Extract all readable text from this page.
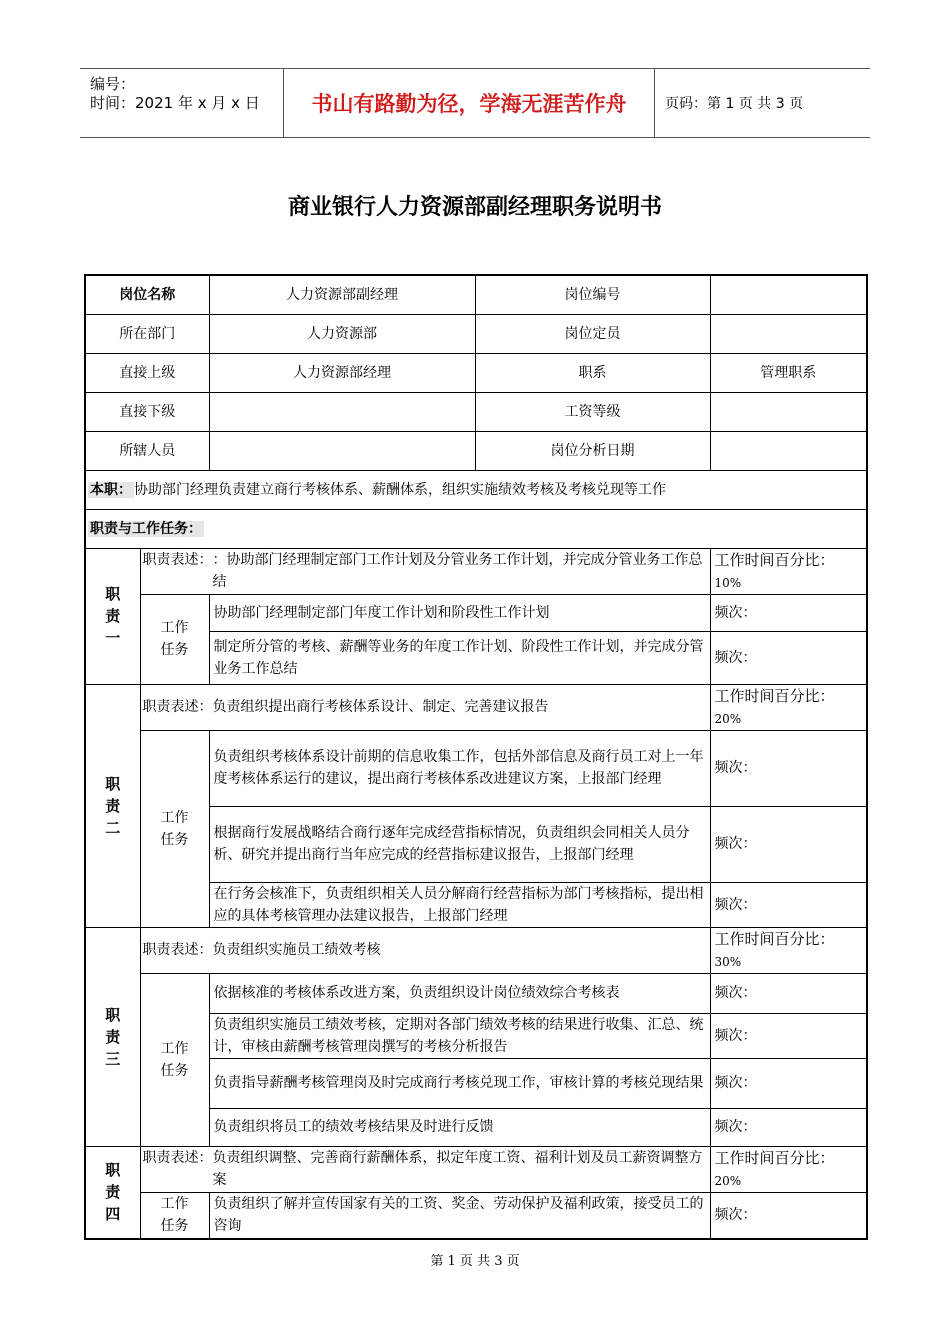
编号：
时间：2021 年 x 月 x 日 书山有路勤为径，学海无涯苦作舟	页码：第 1 页 共 3 页
商业银行人力资源部副经理职务说明书
岗位名称		人力资源部副经理	岗位编号	
所在部门		人力资源部	岗位定员	
直接上级		人力资源部经理	职系	管理职系
直接下级			工资等级	
所辖人员			岗位分析日期	
本职： 协助部门经理负责建立商行考核体系、薪酬体系，组织实施绩效考核及考核兑现等工作				
职责与工作任务：				

职责一	职责表述： ：协助部门经理制定部门工作计划及分管业务工作计划，并完成分管业务工作总结			工作时间百分比：
10%

	工作任务	协助部门经理制定部门年度工作计划和阶段性工作计划		频次：
		制定所分管的考核、薪酬等业务的年度工作计划、阶段性工作计划，并完成分管业务工作总结		频次：

职责二	职责表述：负责组织提出商行考核体系设计、制定、完善建议报告			工作时间百分比：
20%

	工作任务	负责组织考核体系设计前期的信息收集工作，包括外部信息及商行员工对上一年度考核体系运行的建议，提出商行考核体系改进建议方案，上报部门经理		频次：
		根据商行发展战略结合商行逐年完成经营指标情况，负责组织会同相关人员分析、研究并提出商行当年应完成的经营指标建议报告，上报部门经理		频次：
		在行务会核准下，负责组织相关人员分解商行经营指标为部门考核指标，提出相应的具体考核管理办法建议报告，上报部门经理		频次：

职责三	职责表述：负责组织实施员工绩效考核			工作时间百分比：
30%

	工作任务	依据核准的考核体系改进方案，负责组织设计岗位绩效综合考核表		频次：
		负责组织实施员工绩效考核，定期对各部门绩效考核的结果进行收集、汇总、统计，审核由薪酬考核管理岗撰写的考核分析报告		频次：
		负责指导薪酬考核管理岗及时完成商行考核兑现工作，审核计算的考核兑现结果		频次：
		负责组织将员工的绩效考核结果及时进行反馈		频次：

职责四	职责表述： 负责组织调整、完善商行薪酬体系，拟定年度工资、福利计划及员工薪资调整方案			工作时间百分比：
20%

	工作任务	负责组织了解并宣传国家有关的工资、奖金、劳动保护及福利政策，接受员工的咨询		频次：
第 1 页 共 3 页
